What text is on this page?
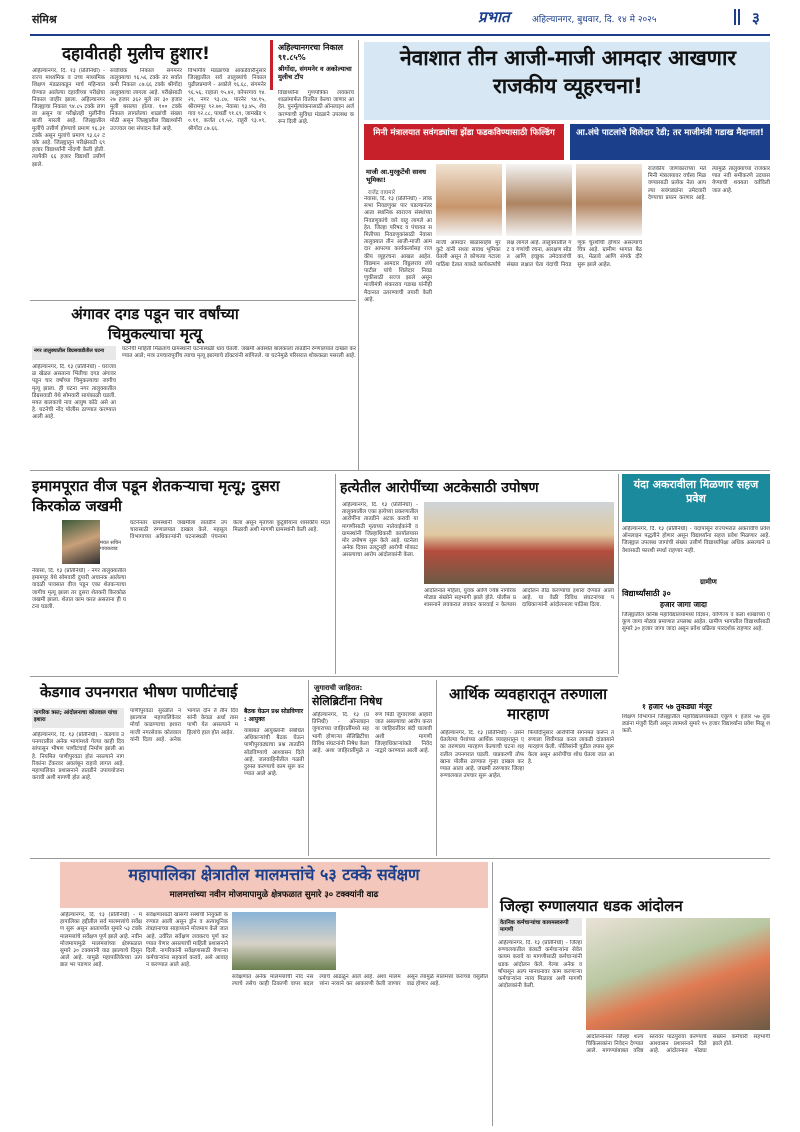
संमिश्र	प्रभात अहिल्यानगर, बुधवार, दि. १४ मे २०२५	३
दहावीतही मुलीच हुशार!	अहिल्यानगरचा निकाल ९१.८५%
श्रीगोंदा, संगमनेर व अकोल्याचा मुलीच टॉप
अहिल्यानगर, दि. १३ (प्रतिनिधी) - राज्य माध्यमिक व उच्च माध्यमिक शिक्षण मंडळाकडून मार्च महिन्यात घेण्यात आलेल्या दहावीच्या परीक्षेचा निकाल जाहीर झाला. अहिल्यानगर जिल्ह्याचा निकाल ९४.८५ टक्के लागला असून या परीक्षेतही मुलींनीच बाजी मारली आहे. जिल्ह्यातील मुलींचे उत्तीर्ण होण्याचे प्रमाण ९६.३१ टक्के असून मुलांचे प्रमाण ९३.६२ टक्के आहे. जिल्ह्यातून परीक्षेसाठी ६९ हजार विद्यार्थ्यांनी नोंदणी केली होती. त्यापैकी ६६ हजार विद्यार्थी उत्तीर्ण झाले.
सर्वाधिक निकाल संगमनेर तालुक्याचा ९६.५६ टक्के तर सर्वात कमी निकाल ८७.६६ टक्के श्रीगोंदा तालुक्याचा लागला आहे. परीक्षेसाठी २७ हजार ३६२ मुले तर ३० हजार मुली बसल्या होत्या. १०० टक्के निकाल लागलेल्या शाळांची संख्या मोठी असून जिल्ह्यातील विद्यार्थ्यांनी उज्ज्वल यश संपादन केले आहे.
विभागीय मंडळाच्या आकडेवारीनुसार जिल्ह्यातील सर्व तालुक्यांचे निकाल पुढीलप्रमाणे - अकोले ९६.६८, संगमनेर ९६.५६, राहाता ९५.४२, कोपरगाव ९४.२१, नगर ९३.८७, पारनेर ९४.१५, श्रीरामपूर ९२.७०, नेवासा ९३.४५, शेवगाव ९२.८८, पाथर्डी ९१.६९, जामखेड ९०.११, कर्जत ८९.५२, राहुरी ९३.०९, श्रीगोंदा ८७.६६.
विद्यार्थ्यांना गुणपत्रिका लवकरच शाळांमार्फत वितरित केल्या जाणार आहेत. पुनर्मूल्यांकनासाठी ऑनलाइन अर्ज करण्याची सुविधा मंडळाने उपलब्ध करून दिली आहे.
अंगावर दगड पडून चार वर्षांच्या चिमुकल्याचा मृत्यू
नगर तालुक्यातील डिग्रसवाडीतील घटना
अहिल्यानगर, दि. १३ (प्रतिनिधी) - घराजवळ खेळत असताना भिंतीचा दगड अंगावर पडून चार वर्षांच्या चिमुकल्याचा जागीच मृत्यू झाला. ही घटना नगर तालुक्यातील डिग्रसवाडी येथे सोमवारी सायंकाळी घडली. मयत बालकाचे नाव आयुष कोठे असे आहे. घटनेची नोंद पोलीस ठाण्यात करण्यात आली आहे.
घटनेची माहिती मिळताच ग्रामस्थांनी घटनास्थळी धाव घेतली. जखमी अवस्थेत बालकाला तातडीने रुग्णालयात दाखल करण्यात आले; मात्र उपचारापूर्वीच त्याचा मृत्यू झाल्याचे डॉक्टरांनी सांगितले. या घटनेमुळे परिसरात शोककळा पसरली आहे.
नेवाशात तीन आजी-माजी आमदार आखणार राजकीय व्यूहरचना!
मिनी मंत्रालयात सवंगड्यांचा झेंडा फडकविण्यासाठी फिल्डिंग	आ.लंघे पाटलांचे शिलेदार रेडी; तर माजीमंत्री गडाख मैदानात!
माजी आ.मुरकुटेंची सावध भूमिका!
राजेंद्र वाघमारे
नेवासा, दि. १३ (प्रतिनिधी) - लोकसभा निवडणुका पार पडल्यानंतर आता स्थानिक स्वराज्य संस्थांच्या निवडणुकांचे वारे वाहू लागले आहेत. जिल्हा परिषद व पंचायत समितीच्या निवडणुकांसाठी नेवासा तालुक्यात तीन आजी-माजी आमदार आपल्या कार्यकर्त्यांसह राजकीय व्यूहरचना आखत आहेत. विद्यमान आमदार विठ्ठलराव लंघे पाटील यांचे शिलेदार निवडणुकीसाठी सज्ज झाले असून माजीमंत्री शंकरराव गडाख यांनीही मैदानात उतरण्याची तयारी केली आहे.
माजी आमदार बाळासाहेब मुरकुटे यांनी सध्या सावध भूमिका घेतली असून ते कोणत्या गटाला पाठिंबा देतात याकडे कार्यकर्त्यांचे लक्ष लागले आहे. तालुक्यातील गट व गणांची रचना, आरक्षण सोडत आणि इच्छुक उमेदवारांची संख्या लक्षात घेता यंदाची निवडणूक चुरशीची होणार असल्याचे चित्र आहे. ग्रामीण भागात बैठका, मेळावे आणि संपर्क दौरे सुरू झाले आहेत.
राजकीय जाणकारांच्या मते मिनी मंत्रालयावर वर्चस्व मिळवण्यासाठी प्रत्येक नेता आपल्या सवंगड्यांना उमेदवारी देण्याचा प्रयत्न करणार आहे. त्यामुळे तालुक्याच्या राजकारणात नवी समीकरणे उदयास येण्याची शक्यता वर्तविली जात आहे.
इमामपूरात वीज पडून शेतकऱ्याचा मृत्यू; दुसरा किरकोळ जखमी
मयत सचिन गायकवाड
नेवासा, दि. १३ (प्रतिनिधी) - नगर तालुक्यातील इमामपूर येथे सोमवारी दुपारी अचानक आलेल्या वादळी पावसात वीज पडून एका शेतकऱ्याचा जागीच मृत्यू झाला तर दुसरा शेतकरी किरकोळ जखमी झाला. शेतात काम करत असताना ही घटना घडली.
घटनेनंतर ग्रामस्थांनी जखमीला तातडीने उपचारासाठी रुग्णालयात दाखल केले. महसूल विभागाच्या अधिकाऱ्यांनी घटनास्थळी पंचनामा केला असून मृताच्या कुटुंबीयांना शासकीय मदत मिळावी अशी मागणी ग्रामस्थांनी केली आहे.
हत्येतील आरोपींच्या अटकेसाठी उपोषण
अहिल्यानगर, दि. १३ (प्रतिनिधी) - तालुक्यातील एका हत्येच्या प्रकरणातील आरोपींना तातडीने अटक करावी या मागणीसाठी मृताच्या नातेवाईकांनी व ग्रामस्थांनी जिल्हाधिकारी कार्यालयासमोर उपोषण सुरू केले आहे. घटनेला अनेक दिवस उलटूनही आरोपी मोकाट असल्याचा आरोप आंदोलकांनी केला.
आंदोलनात महिला, युवक आणि ज्येष्ठ नागरिक मोठ्या संख्येने सहभागी झाले होते. पोलीस प्रशासनाने लवकरात लवकर कारवाई न केल्यास आंदोलन तीव्र करण्याचा इशारा देण्यात आला आहे. या वेळी विविध संघटनांच्या पदाधिकाऱ्यांनी आंदोलनाला पाठिंबा दिला.
यंदा अकरावीला मिळणार सहज प्रवेश
अहिल्यानगर, दि. १३ (प्रतिनिधी) - यंदापासून राज्यभरात अकरावीचे प्रवेश ऑनलाइन पद्धतीने होणार असून विद्यार्थ्यांना सहज प्रवेश मिळणार आहे. जिल्ह्यात उपलब्ध जागांची संख्या उत्तीर्ण विद्यार्थ्यांपेक्षा अधिक असल्याने प्रवेशासाठी फारशी स्पर्धा राहणार नाही.
ग्रामीण
विद्यार्थ्यांसाठी ३०
हजार जागा जादा
जिल्ह्यातील कनिष्ठ महाविद्यालयांमध्ये विज्ञान, वाणिज्य व कला शाखांच्या एकूण जागा मोठ्या प्रमाणात उपलब्ध आहेत. ग्रामीण भागातील विद्यार्थ्यांसाठी सुमारे ३० हजार जागा जादा असून प्रवेश प्रक्रिया पारदर्शक राहणार आहे.
१ हजार ५७ तुकड्या मंजूर
शिक्षण विभागाने जिल्ह्यातील महाविद्यालयांसाठी एकूण १ हजार ५७ तुकड्यांना मंजुरी दिली असून त्यामध्ये सुमारे ९५ हजार विद्यार्थ्यांना प्रवेश मिळू शकतो.
केडगाव उपनगरात भीषण पाणीटंचाई
नागरिक त्रस्त; आंदोलनाचा कोतवाल यांचा इशारा
अहिल्यानगर, दि. १३ (प्रतिनिधी) - केडगाव उपनगरातील अनेक भागांमध्ये गेल्या काही दिवसांपासून भीषण पाणीटंचाई निर्माण झाली आहे. नियमित पाणीपुरवठा होत नसल्याने नागरिकांना टँकरवर अवलंबून राहावे लागत आहे. महापालिका प्रशासनाने तातडीने उपाययोजना करावी अशी मागणी होत आहे.
पाणीपुरवठा सुरळीत न झाल्यास महापालिकेवर मोर्चा काढण्याचा इशारा माजी नगरसेवक कोतवाल यांनी दिला आहे. अनेक भागांत दोन ते तीन दिवसांनी केवळ अर्धा तास पाणी येत असल्याने महिलांचे हाल होत आहेत.
बैठक घेऊन प्रश्न सोडविणार : आयुक्त
याबाबत आयुक्तांनी संबंधित अधिकाऱ्यांची बैठक घेऊन पाणीपुरवठ्याचा प्रश्न तातडीने सोडविण्याचे आश्वासन दिले आहे. जलवाहिनीतील गळती दुरुस्त करण्याचे काम सुरू करण्यात आले आहे.
जुगाराची जाहिरात:
सेलिब्रिटींना निषेध
अहिल्यानगर, दि. १३ (प्रतिनिधी) - ऑनलाइन जुगाराच्या जाहिरातींमध्ये सहभागी होणाऱ्या सेलिब्रिटींचा विविध संघटनांनी निषेध केला आहे. अशा जाहिरातींमुळे तरुण पिढी जुगाराच्या आहारी जात असल्याचा आरोप करत या जाहिरातींवर बंदी घालावी अशी मागणी जिल्हाधिकाऱ्यांकडे निवेदनाद्वारे करण्यात आली आहे.
आर्थिक व्यवहारातून तरुणाला मारहाण
अहिल्यानगर, दि. १३ (प्रतिनिधी) - उसने घेतलेल्या पैशांच्या आर्थिक व्यवहारातून एका तरुणाला मारहाण केल्याची घटना शहरातील उपनगरात घडली. याप्रकरणी तोफखाना पोलीस ठाण्यात गुन्हा दाखल करण्यात आला आहे. जखमी तरुणावर जिल्हा रुग्णालयात उपचार सुरू आहेत.
फिर्यादीनुसार आरोपींनी संगनमत करून तरुणाला शिवीगाळ करत लाकडी दांडक्याने मारहाण केली. पोलिसांनी पुढील तपास सुरू केला असून आरोपींचा शोध घेतला जात आहे.
महापालिका क्षेत्रातील मालमत्तांचे ५३ टक्के सर्वेक्षण
मालमत्तांच्या नवीन मोजमापामुळे क्षेत्रफळात सुमारे ३० टक्क्यांनी वाढ
अहिल्यानगर, दि. १३ (प्रतिनिधी) - महापालिका हद्दीतील सर्व मालमत्तांचे सर्वेक्षण सुरू असून आतापर्यंत सुमारे ५३ टक्के मालमत्तांचे सर्वेक्षण पूर्ण झाले आहे. नवीन मोजमापामुळे मालमत्तांच्या क्षेत्रफळात सुमारे ३० टक्क्यांनी वाढ झाल्याचे दिसून आले आहे. यामुळे महापालिकेच्या उत्पन्नात भर पडणार आहे.
सर्वेक्षणासाठी खासगी संस्थेची नियुक्ती करण्यात आली असून ड्रोन व अत्याधुनिक तंत्रज्ञानाच्या साहाय्याने मोजमाप केले जात आहे. उर्वरित सर्वेक्षण लवकरच पूर्ण करण्यात येणार असल्याची माहिती प्रशासनाने दिली. नागरिकांनी सर्वेक्षणासाठी येणाऱ्या कर्मचाऱ्यांना सहकार्य करावे, असे आवाहन करण्यात आले आहे.
सर्वेक्षणात अनेक मालमत्तांची नोंद नसल्याचे तसेच काही ठिकाणी वापर बदलल्याचे आढळून आले आहे. अशा मालमत्तांना नव्याने कर आकारणी केली जाणार असून त्यामुळे मालमत्ता कराच्या वसुलीत वाढ होणार आहे.
जिल्हा रुग्णालयात धडक आंदोलन
वेतनिक कर्मचाऱ्यांचा कायमस्वरूपी मागणी
अहिल्यानगर, दि. १३ (प्रतिनिधी) - जिल्हा रुग्णालयातील कंत्राटी कर्मचाऱ्यांना सेवेत कायम करावे या मागणीसाठी कर्मचाऱ्यांनी धडक आंदोलन केले. गेल्या अनेक वर्षांपासून अल्प मानधनावर काम करणाऱ्या कर्मचाऱ्यांना न्याय मिळावा अशी मागणी आंदोलकांनी केली.
आंदोलनानंतर जिल्हा शल्यचिकित्सकांना निवेदन देण्यात आले. मागण्यांबाबत वरिष्ठ स्तरावर पाठपुरावा करण्याचे आश्वासन प्रशासनाने दिले आहे. आंदोलनात मोठ्या संख्येने कर्मचारी सहभागी झाले होते.
